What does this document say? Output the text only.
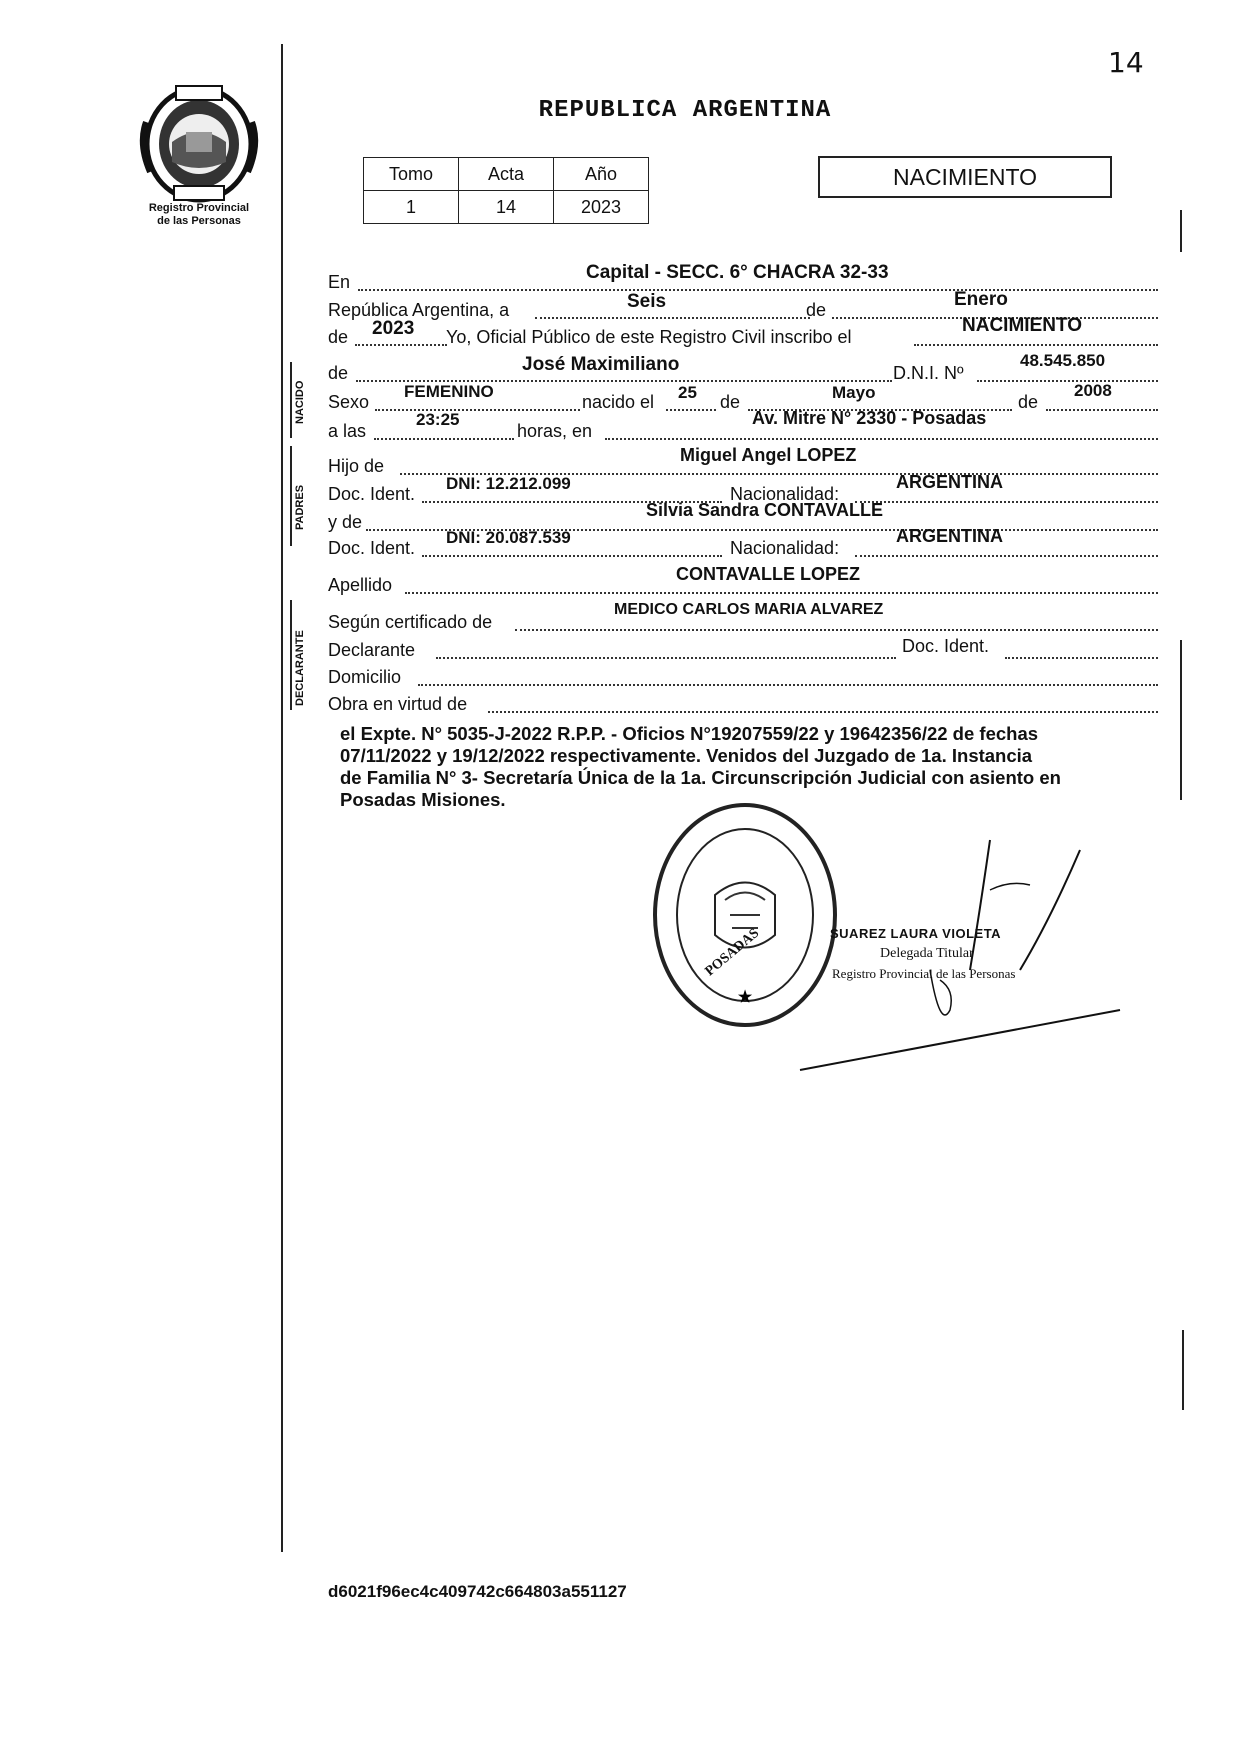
14
Registro Provincial
de las Personas
REPUBLICA ARGENTINA
Tomo	Acta	Año
1	14	2023
NACIMIENTO
NACIDO
PADRES
DECLARANTE
En	Capital - SECC. 6° CHACRA 32-33
República Argentina, a	Seis	de	Enero
de 2023 Yo, Oficial Público de este Registro Civil inscribo el
NACIMIENTO
de	José Maximiliano	D.N.I. Nº
48.545.850
Sexo
FEMENINO
nacido el 25 de	Mayo	de
2008
a las
23:25
horas, en
Av. Mitre N° 2330 - Posadas
Hijo de
Miguel Angel LOPEZ
Doc. Ident.
DNI: 12.212.099
Nacionalidad:
ARGENTINA
y de
Silvia Sandra CONTAVALLE
Doc. Ident.
DNI: 20.087.539
Nacionalidad:
ARGENTINA
Apellido
CONTAVALLE LOPEZ
Según certificado de
MEDICO CARLOS MARIA ALVAREZ
Declarante	Doc. Ident.
Domicilio
Obra en virtud de
el Expte. N° 5035-J-2022 R.P.P. - Oficios N°19207559/22 y 19642356/22 de fechas
07/11/2022 y 19/12/2022 respectivamente. Venidos del Juzgado de 1a. Instancia
de Familia N° 3- Secretaría Única de la 1a. Circunscripción Judicial con asiento en
Posadas Misiones.
★
POSADAS	SUAREZ LAURA VIOLETA
Delegada Titular
Registro Provincial de las Personas
d6021f96ec4c409742c664803a551127
